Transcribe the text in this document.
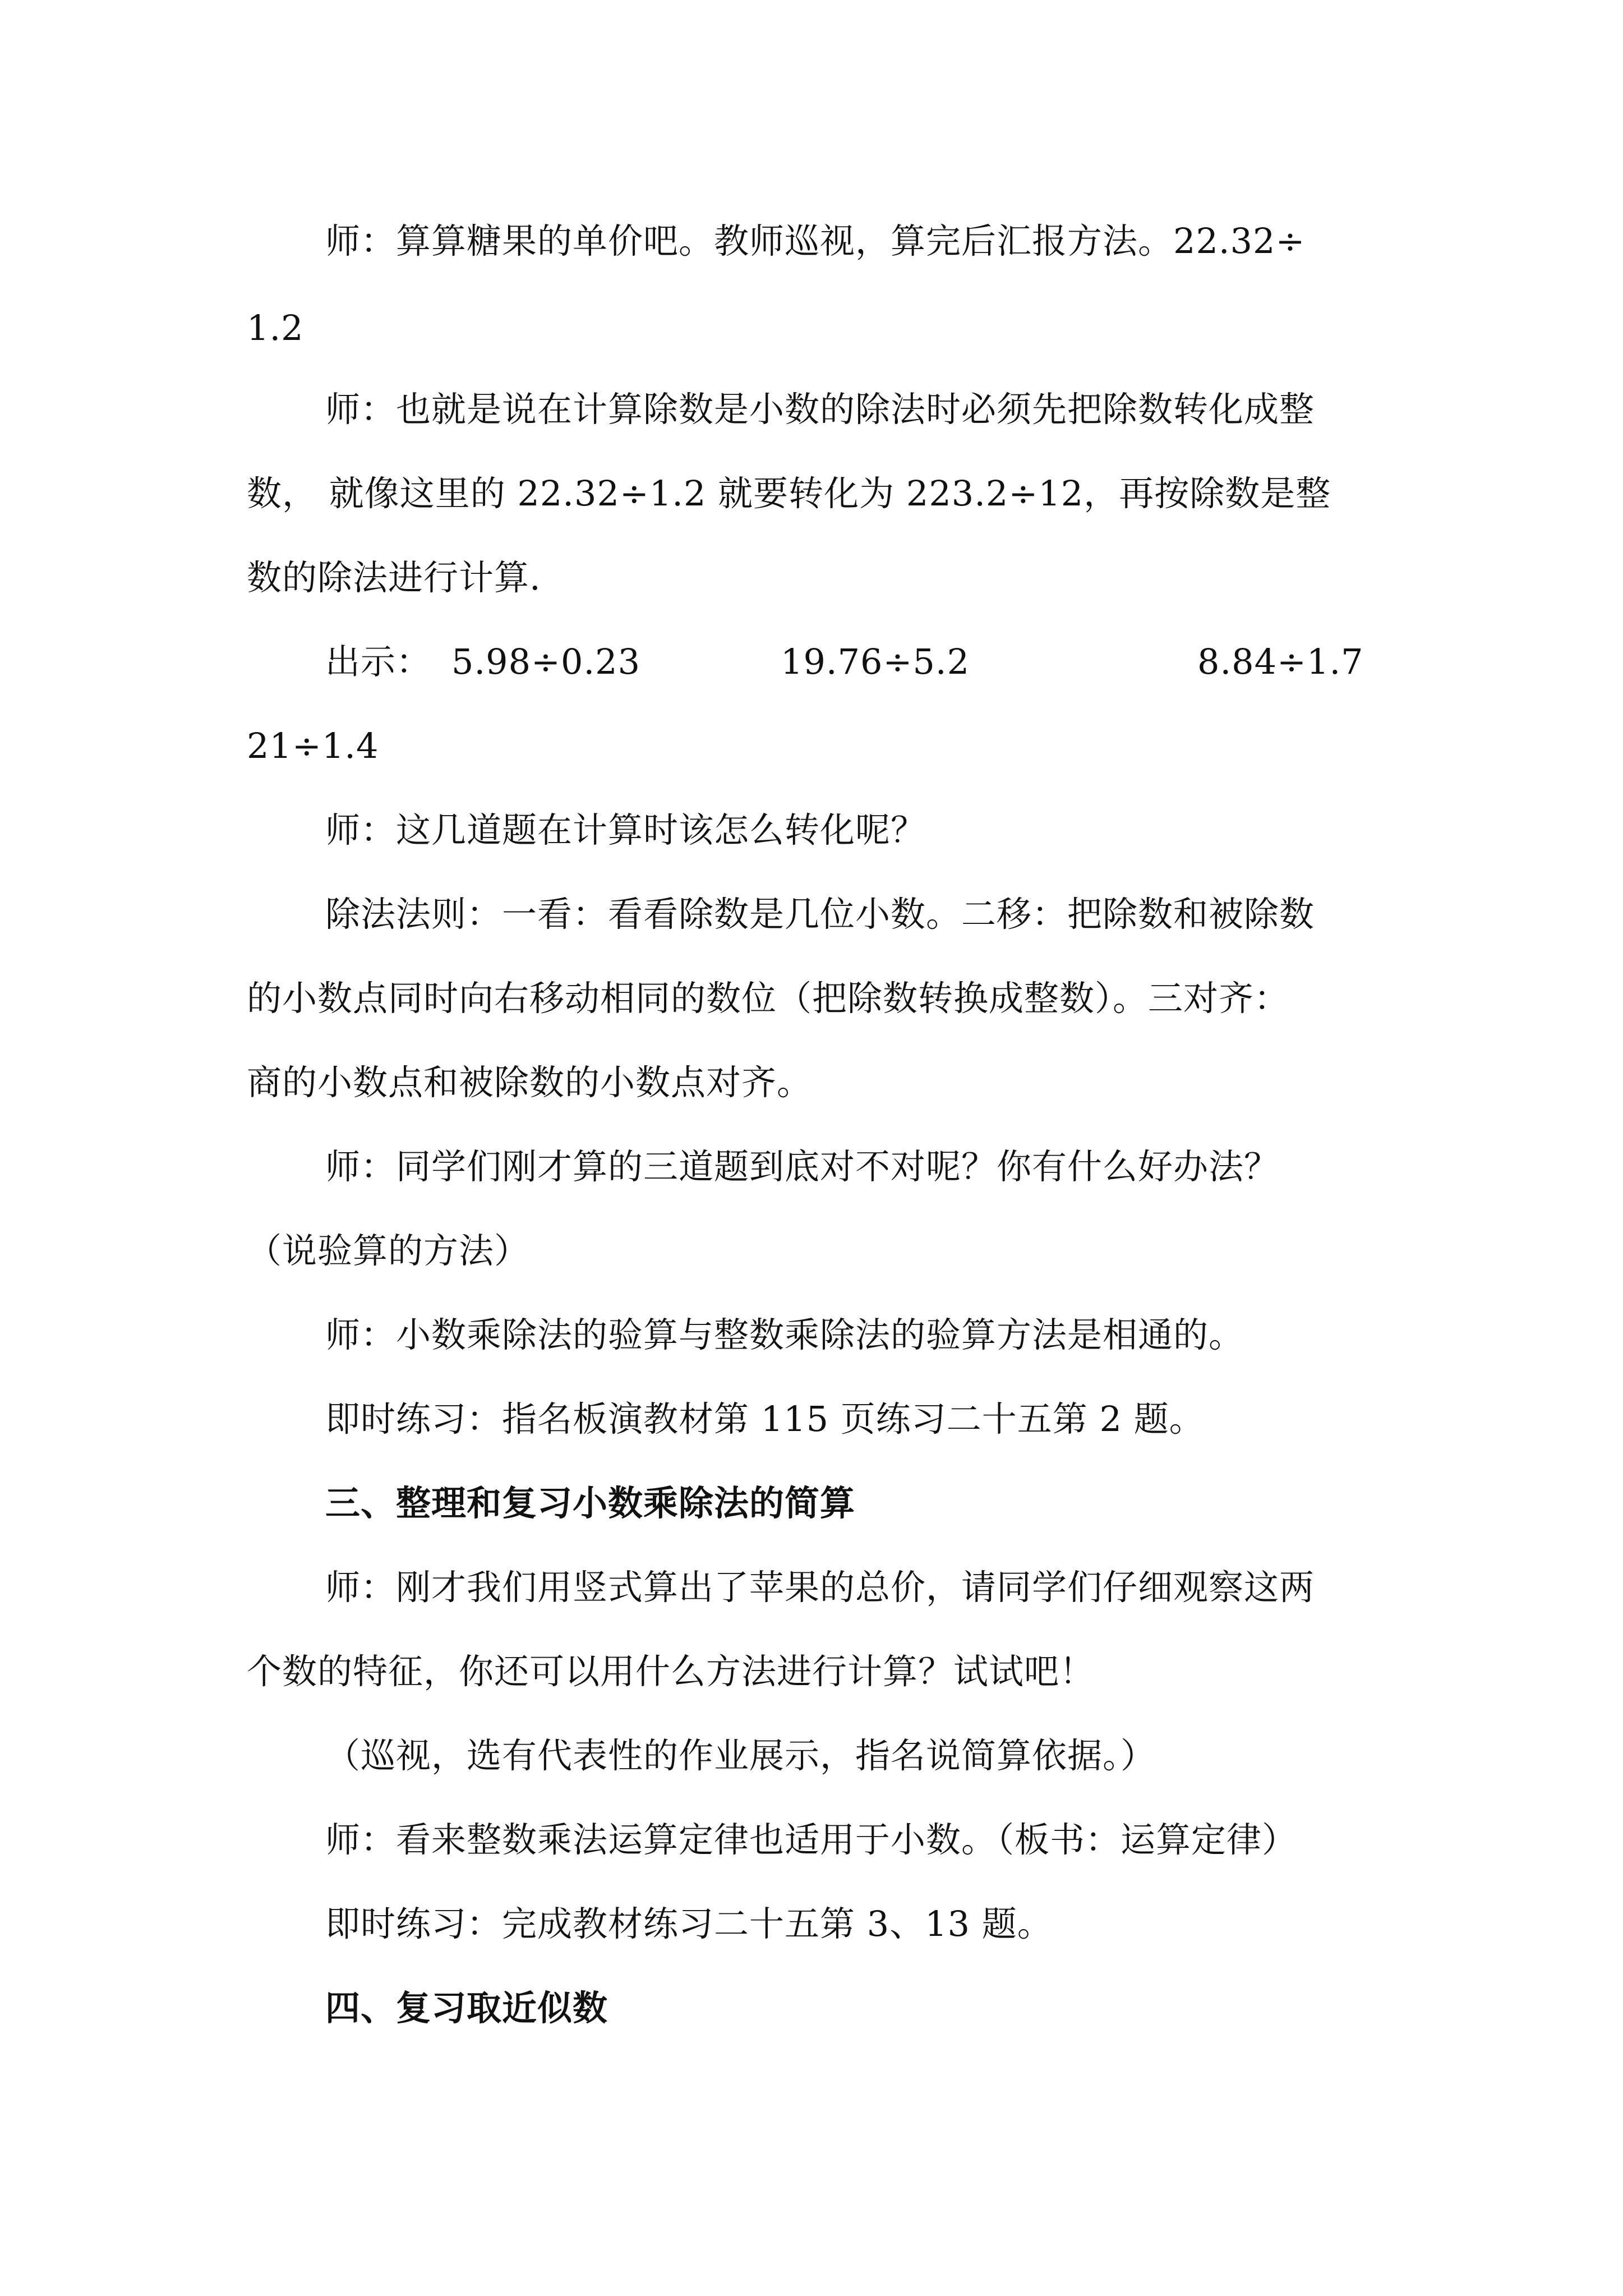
师：算算糖果的单价吧。教师巡视，算完后汇报方法。22.32÷
1.2
师：也就是说在计算除数是小数的除法时必须先把除数转化成整
数， 就像这里的 22.32÷1.2 就要转化为 223.2÷12，再按除数是整
数的除法进行计算.
出示： 5.98÷0.23	19.76÷5.2	8.84÷1.7
21÷1.4
师：这几道题在计算时该怎么转化呢？
除法法则：一看：看看除数是几位小数。二移：把除数和被除数
的小数点同时向右移动相同的数位（把除数转换成整数）。三对齐：
商的小数点和被除数的小数点对齐。
师：同学们刚才算的三道题到底对不对呢？你有什么好办法？
（说验算的方法）
师：小数乘除法的验算与整数乘除法的验算方法是相通的。
即时练习：指名板演教材第 115 页练习二十五第 2 题。
三、整理和复习小数乘除法的简算
师：刚才我们用竖式算出了苹果的总价，请同学们仔细观察这两
个数的特征，你还可以用什么方法进行计算？试试吧！
（巡视，选有代表性的作业展示，指名说简算依据。）
师：看来整数乘法运算定律也适用于小数。（板书：运算定律）
即时练习：完成教材练习二十五第 3、13 题。
四、复习取近似数
